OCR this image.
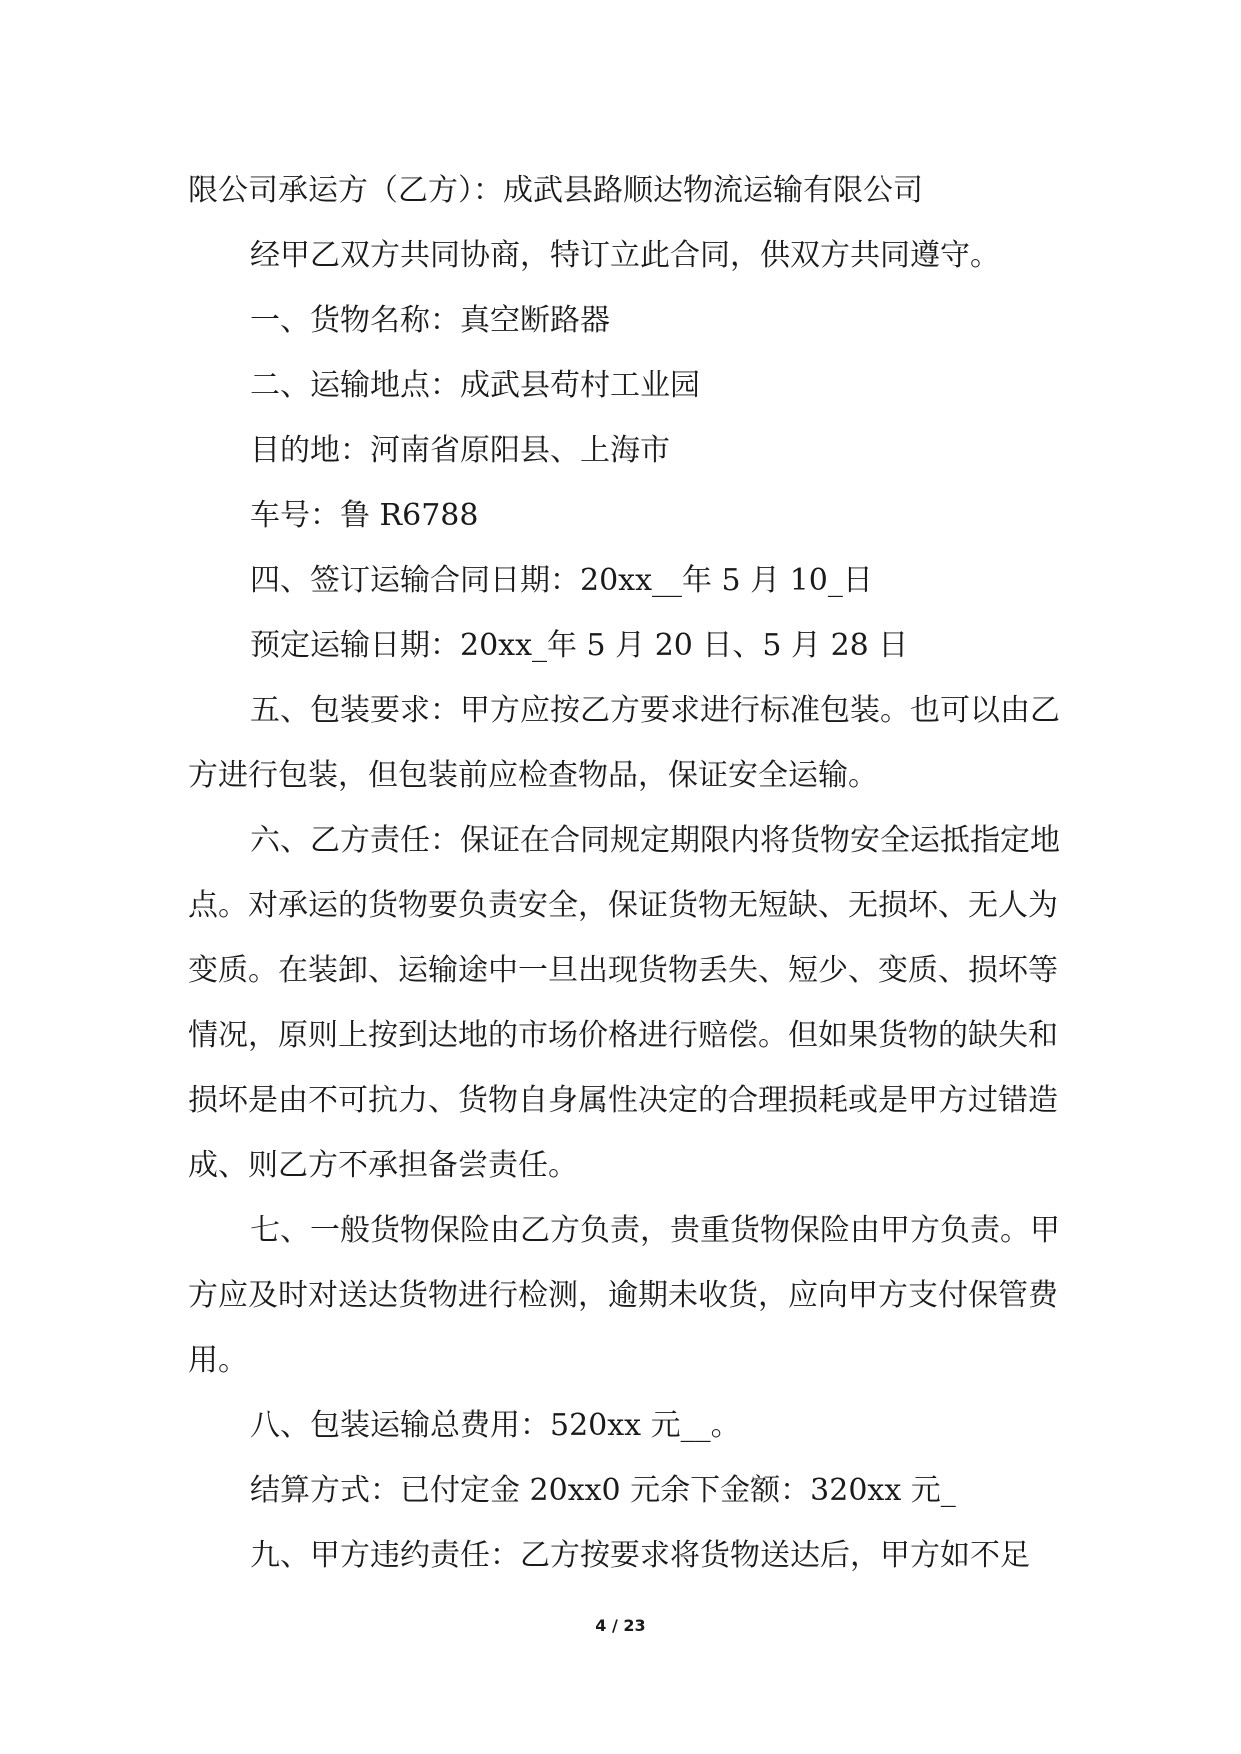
限公司承运方（乙方）：成武县路顺达物流运输有限公司

经甲乙双方共同协商，特订立此合同，供双方共同遵守。

一、货物名称：真空断路器

二、运输地点：成武县苟村工业园

目的地：河南省原阳县、上海市

车号：鲁 R6788

四、签订运输合同日期：20xx__年 5 月 10_日

预定运输日期：20xx_年 5 月 20 日、5 月 28 日

五、包装要求：甲方应按乙方要求进行标准包装。也可以由乙方进行包装，但包装前应检查物品，保证安全运输。

六、乙方责任：保证在合同规定期限内将货物安全运抵指定地点。对承运的货物要负责安全，保证货物无短缺、无损坏、无人为变质。在装卸、运输途中一旦出现货物丢失、短少、变质、损坏等情况，原则上按到达地的市场价格进行赔偿。但如果货物的缺失和损坏是由不可抗力、货物自身属性决定的合理损耗或是甲方过错造成、则乙方不承担备尝责任。

七、一般货物保险由乙方负责，贵重货物保险由甲方负责。甲方应及时对送达货物进行检测，逾期未收货，应向甲方支付保管费用。

八、包装运输总费用：520xx 元__。

结算方式：已付定金 20xx0 元余下金额：320xx 元_

九、甲方违约责任：乙方按要求将货物送达后，甲方如不足

4 / 23
